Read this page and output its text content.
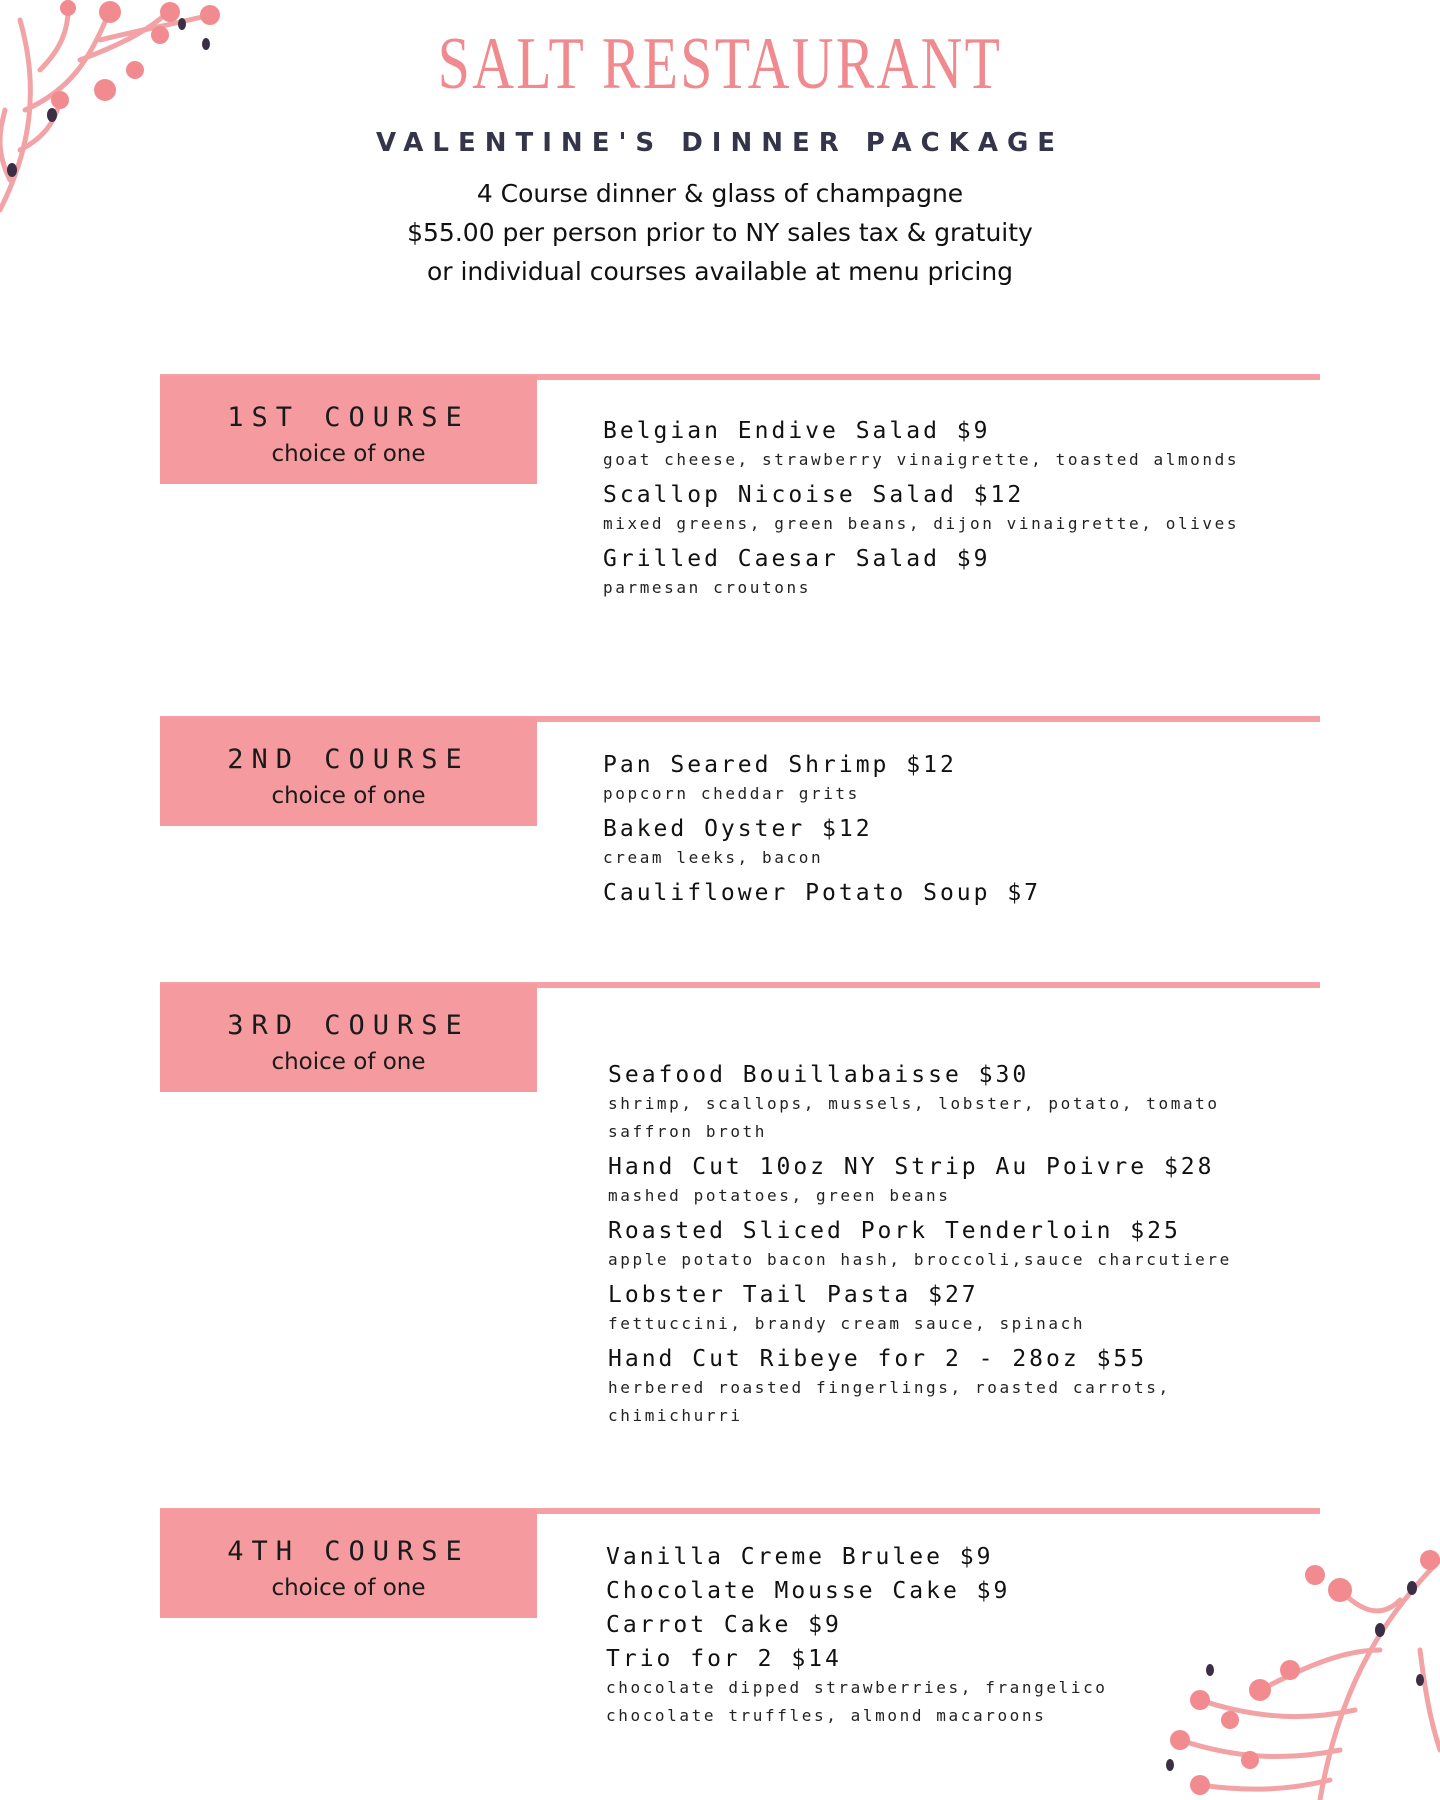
SALT RESTAURANT
VALENTINE'S DINNER PACKAGE
4 Course dinner & glass of champagne
$55.00 per person prior to NY sales tax & gratuity
or individual courses available at menu pricing
1ST COURSE
choice of one
Belgian Endive Salad $9
goat cheese, strawberry vinaigrette, toasted almonds
Scallop Nicoise Salad $12
mixed greens, green beans, dijon vinaigrette, olives
Grilled Caesar Salad $9
parmesan croutons
2ND COURSE
choice of one
Pan Seared Shrimp $12
popcorn cheddar grits
Baked Oyster $12
cream leeks, bacon
Cauliflower Potato Soup $7
3RD COURSE
choice of one	Seafood Bouillabaisse $30
shrimp, scallops, mussels, lobster, potato, tomato saffron broth
Hand Cut 10oz NY Strip Au Poivre $28
mashed potatoes, green beans
Roasted Sliced Pork Tenderloin $25
apple potato bacon hash, broccoli,sauce charcutiere
Lobster Tail Pasta $27
fettuccini, brandy cream sauce, spinach
Hand Cut Ribeye for 2 - 28oz $55
herbered roasted fingerlings, roasted carrots, chimichurri
4TH COURSE
choice of one
Vanilla Creme Brulee $9
Chocolate Mousse Cake $9
Carrot Cake $9
Trio for 2 $14
chocolate dipped strawberries, frangelico chocolate truffles, almond macaroons
